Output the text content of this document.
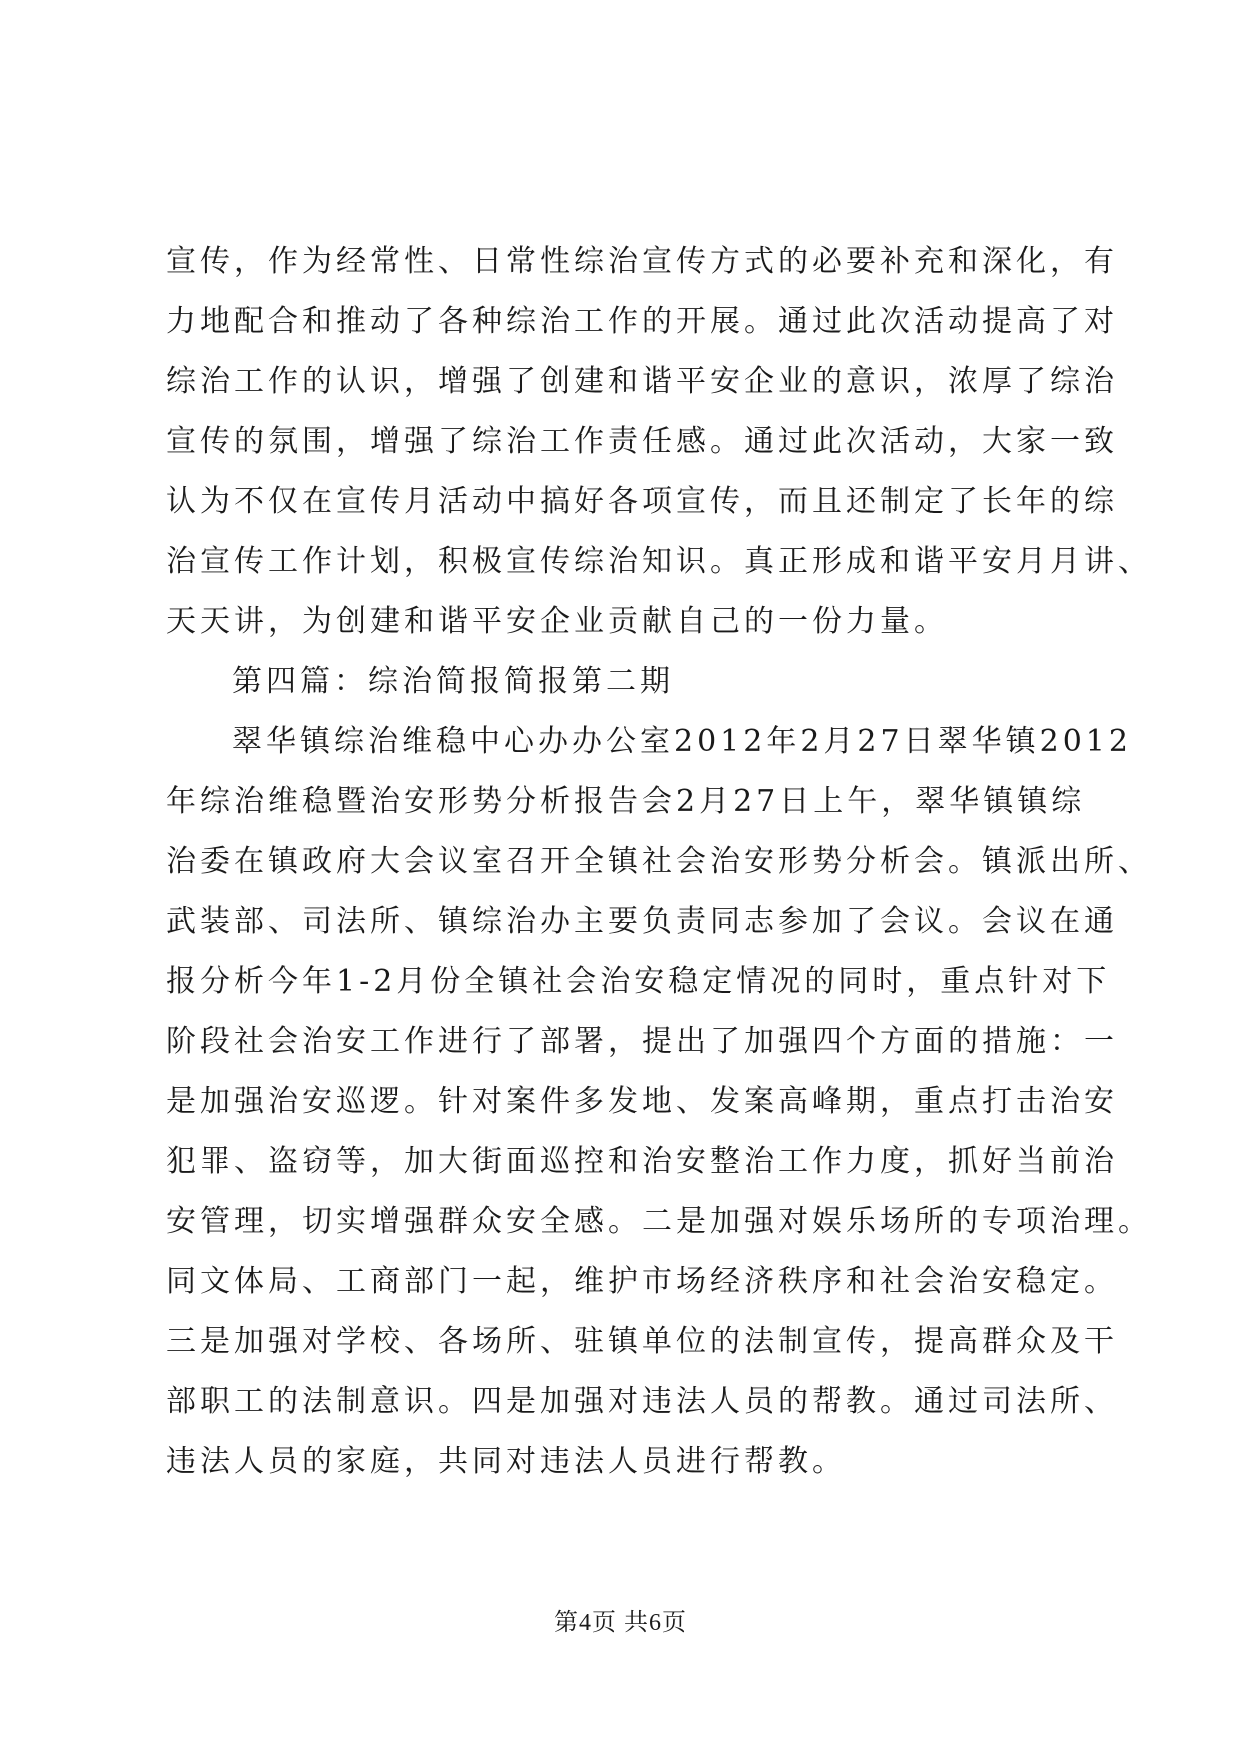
宣传，作为经常性、日常性综治宣传方式的必要补充和深化，有
力地配合和推动了各种综治工作的开展。通过此次活动提高了对
综治工作的认识，增强了创建和谐平安企业的意识，浓厚了综治
宣传的氛围，增强了综治工作责任感。通过此次活动，大家一致
认为不仅在宣传月活动中搞好各项宣传，而且还制定了长年的综
治宣传工作计划，积极宣传综治知识。真正形成和谐平安月月讲、
天天讲，为创建和谐平安企业贡献自己的一份力量。
第四篇：综治简报简报第二期
翠华镇综治维稳中心办办公室2012年2月27日翠华镇2012
年综治维稳暨治安形势分析报告会2月27日上午，翠华镇镇综
治委在镇政府大会议室召开全镇社会治安形势分析会。镇派出所、
武装部、司法所、镇综治办主要负责同志参加了会议。会议在通
报分析今年1-2月份全镇社会治安稳定情况的同时，重点针对下
阶段社会治安工作进行了部署，提出了加强四个方面的措施：一
是加强治安巡逻。针对案件多发地、发案高峰期，重点打击治安
犯罪、盗窃等，加大街面巡控和治安整治工作力度，抓好当前治
安管理，切实增强群众安全感。二是加强对娱乐场所的专项治理。
同文体局、工商部门一起，维护市场经济秩序和社会治安稳定。
三是加强对学校、各场所、驻镇单位的法制宣传，提高群众及干
部职工的法制意识。四是加强对违法人员的帮教。通过司法所、
违法人员的家庭，共同对违法人员进行帮教。
第4页 共6页
